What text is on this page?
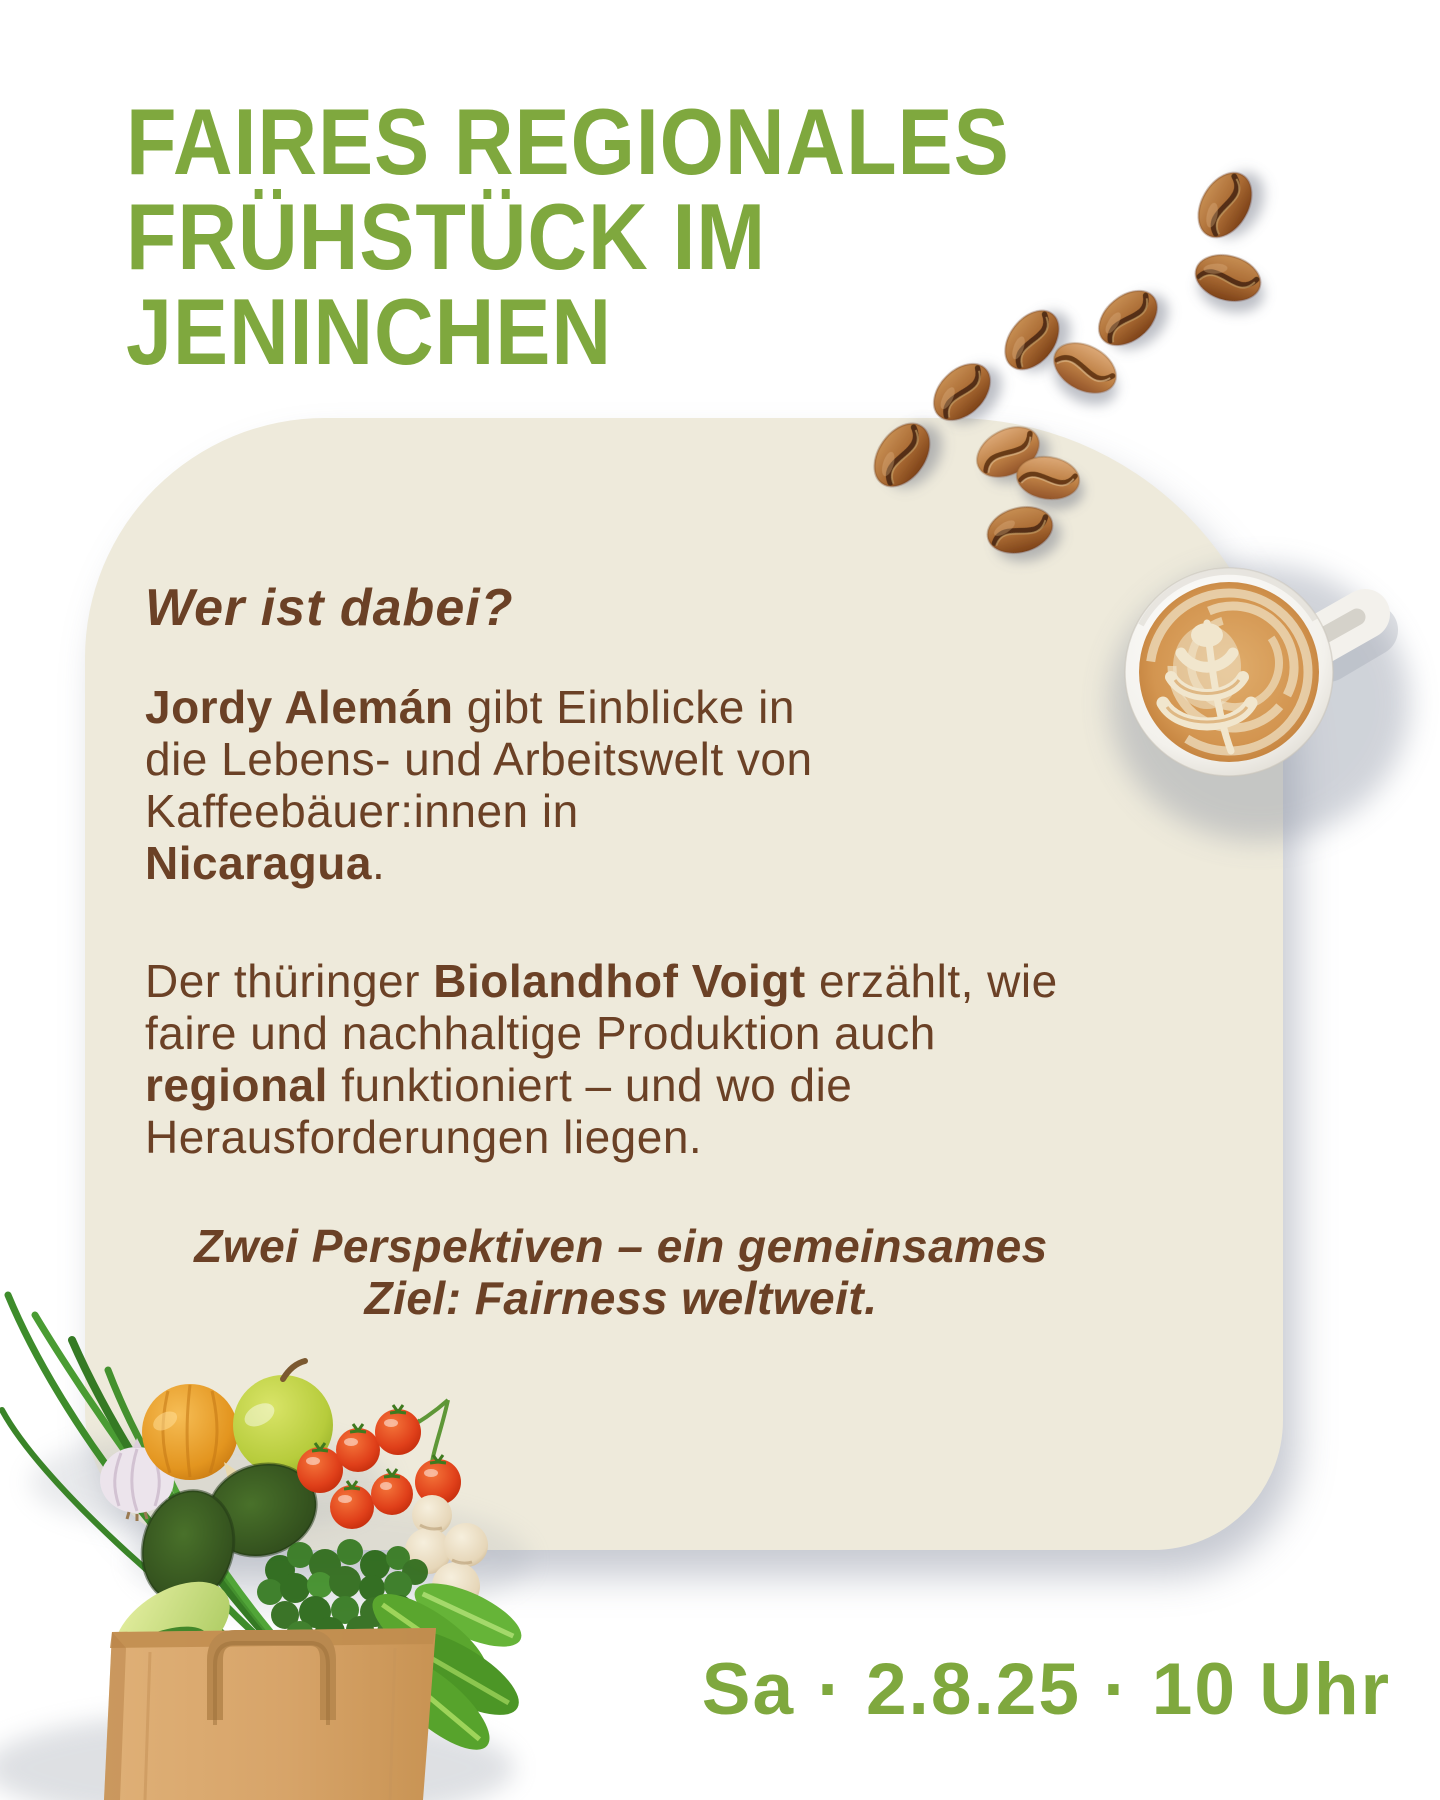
FAIRES REGIONALES
FRÜHSTÜCK IM
JENINCHEN
Wer ist dabei?

Jordy Alemán gibt Einblicke in
die Lebens- und Arbeitswelt von
Kaffeebäuer:innen in
Nicaragua.

Der thüringer Biolandhof Voigt erzählt, wie
faire und nachhaltige Produktion auch
regional funktioniert – und wo die
Herausforderungen liegen.

Zwei Perspektiven – ein gemeinsames
Ziel: Fairness weltweit.

Sa · 2.8.25 · 10 Uhr
